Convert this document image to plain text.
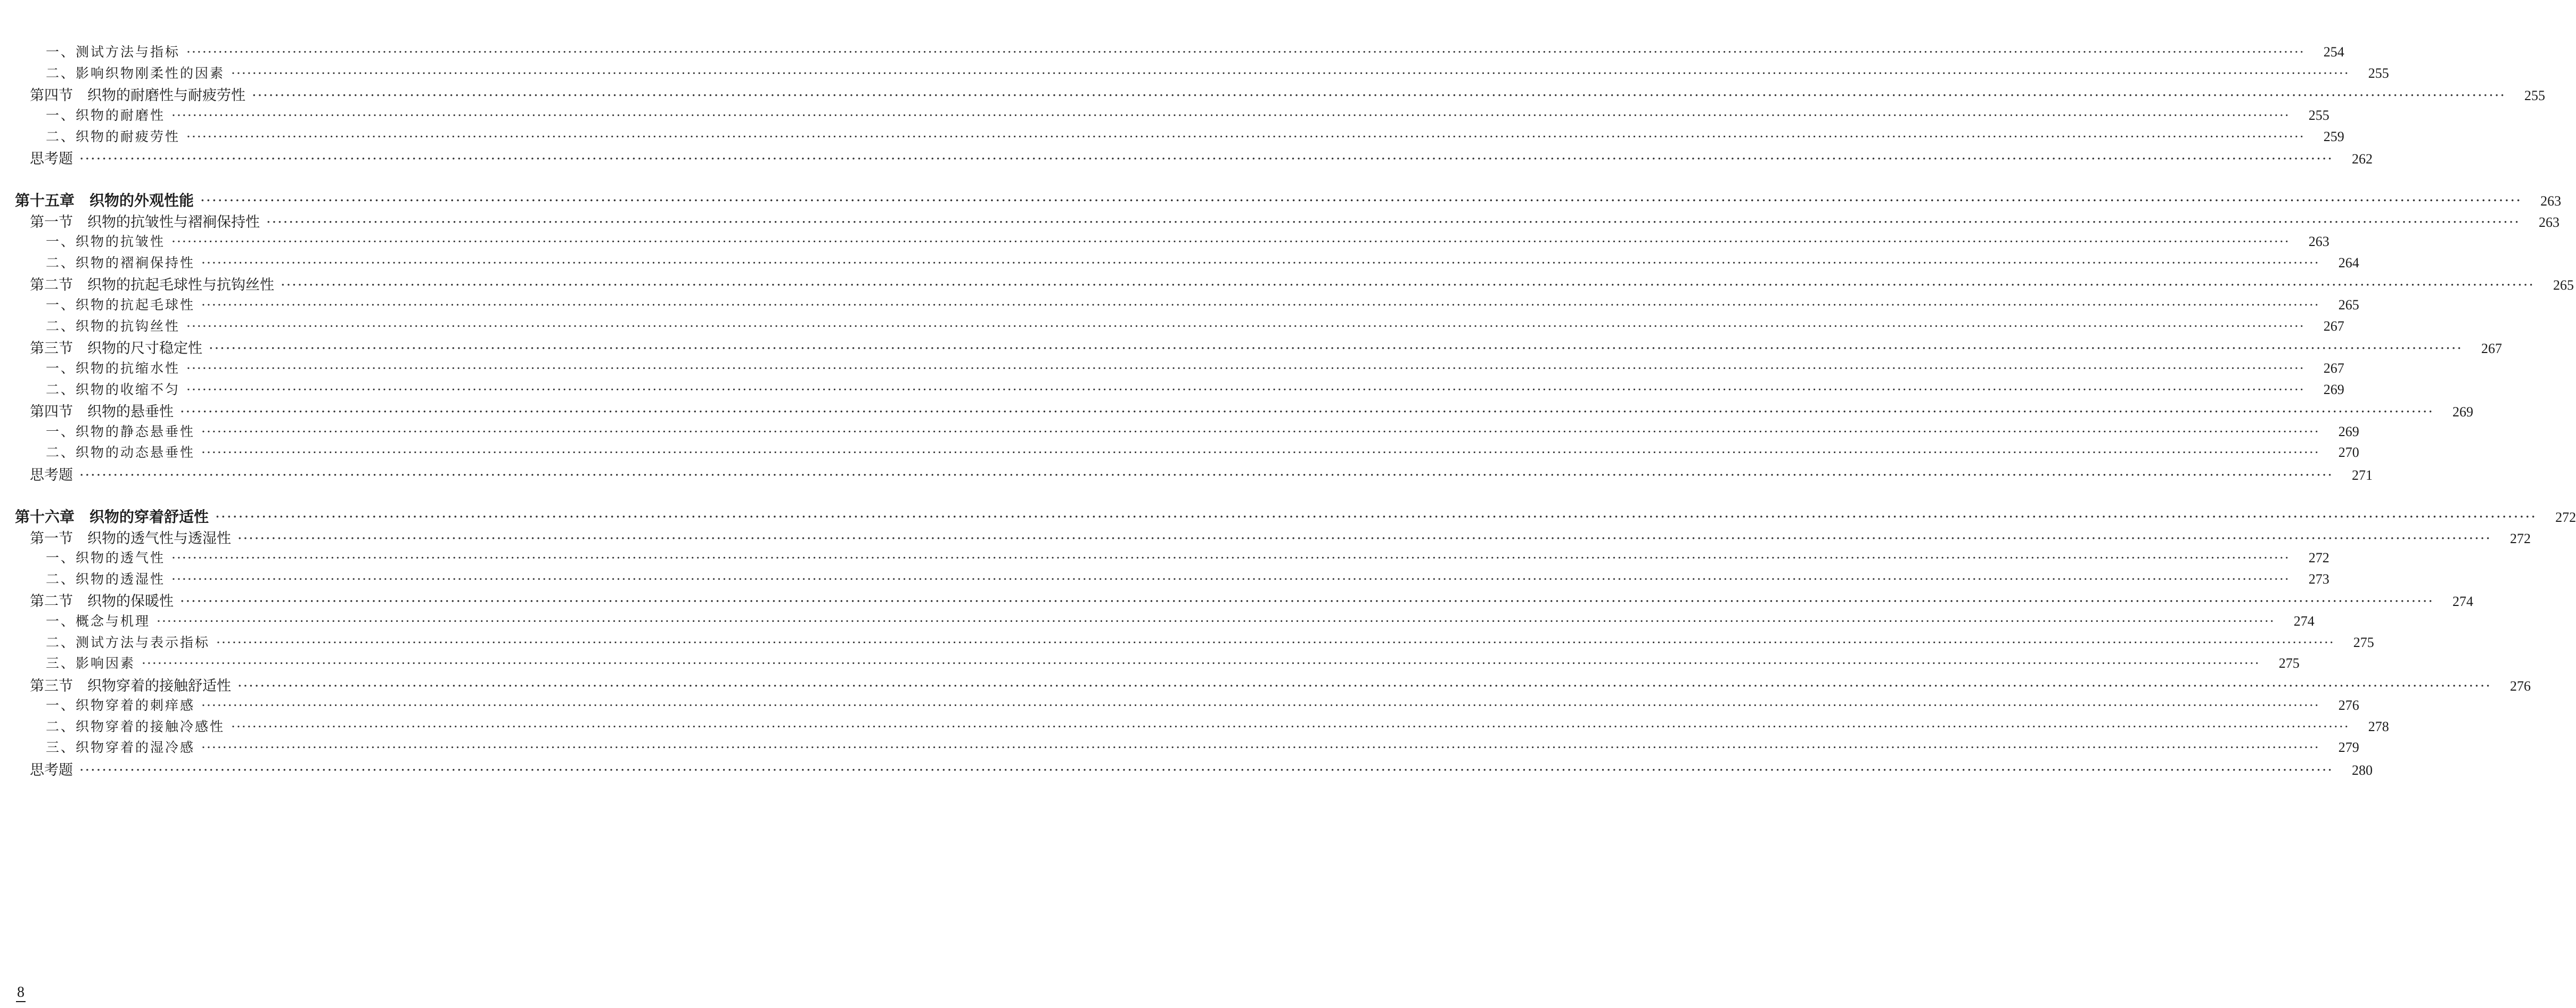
一、测试方法与指标 ················································································································································································································································································································································································································	254
二、影响织物刚柔性的因素 ················································································································································································································································································································································································································	255
第四节　织物的耐磨性与耐疲劳性 ················································································································································································································································································································································································································	255
一、织物的耐磨性 ················································································································································································································································································································································································································	255
二、织物的耐疲劳性 ················································································································································································································································································································································································································	259
思考题 ················································································································································································································································································································································································································	262
第十五章　织物的外观性能 ················································································································································································································································································································································································································	263
第一节　织物的抗皱性与褶裥保持性 ················································································································································································································································································································································································································	263
一、织物的抗皱性 ················································································································································································································································································································································································································	263
二、织物的褶裥保持性 ················································································································································································································································································································································································································	264
第二节　织物的抗起毛球性与抗钩丝性 ················································································································································································································································································································································································································	265
一、织物的抗起毛球性 ················································································································································································································································································································································································································	265
二、织物的抗钩丝性 ················································································································································································································································································································································································································	267
第三节　织物的尺寸稳定性 ················································································································································································································································································································································································································	267
一、织物的抗缩水性 ················································································································································································································································································································································································································	267
二、织物的收缩不匀 ················································································································································································································································································································································································································	269
第四节　织物的悬垂性 ················································································································································································································································································································································································································	269
一、织物的静态悬垂性 ················································································································································································································································································································································································································	269
二、织物的动态悬垂性 ················································································································································································································································································································································································································	270
思考题 ················································································································································································································································································································································································································	271
第十六章　织物的穿着舒适性 ················································································································································································································································································································································································································	272
第一节　织物的透气性与透湿性 ················································································································································································································································································································································································································	272
一、织物的透气性 ················································································································································································································································································································································································································	272
二、织物的透湿性 ················································································································································································································································································································································································································	273
第二节　织物的保暖性 ················································································································································································································································································································································································································	274
一、概念与机理 ················································································································································································································································································································································································································	274
二、测试方法与表示指标 ················································································································································································································································································································································································································	275
三、影响因素 ················································································································································································································································································································································································································	275
第三节　织物穿着的接触舒适性 ················································································································································································································································································································································································································	276
一、织物穿着的刺痒感 ················································································································································································································································································································································································································	276
二、织物穿着的接触冷感性 ················································································································································································································································································································································································································	278
三、织物穿着的湿冷感 ················································································································································································································································································································································································································	279
思考题 ················································································································································································································································································································································································································	280
8
